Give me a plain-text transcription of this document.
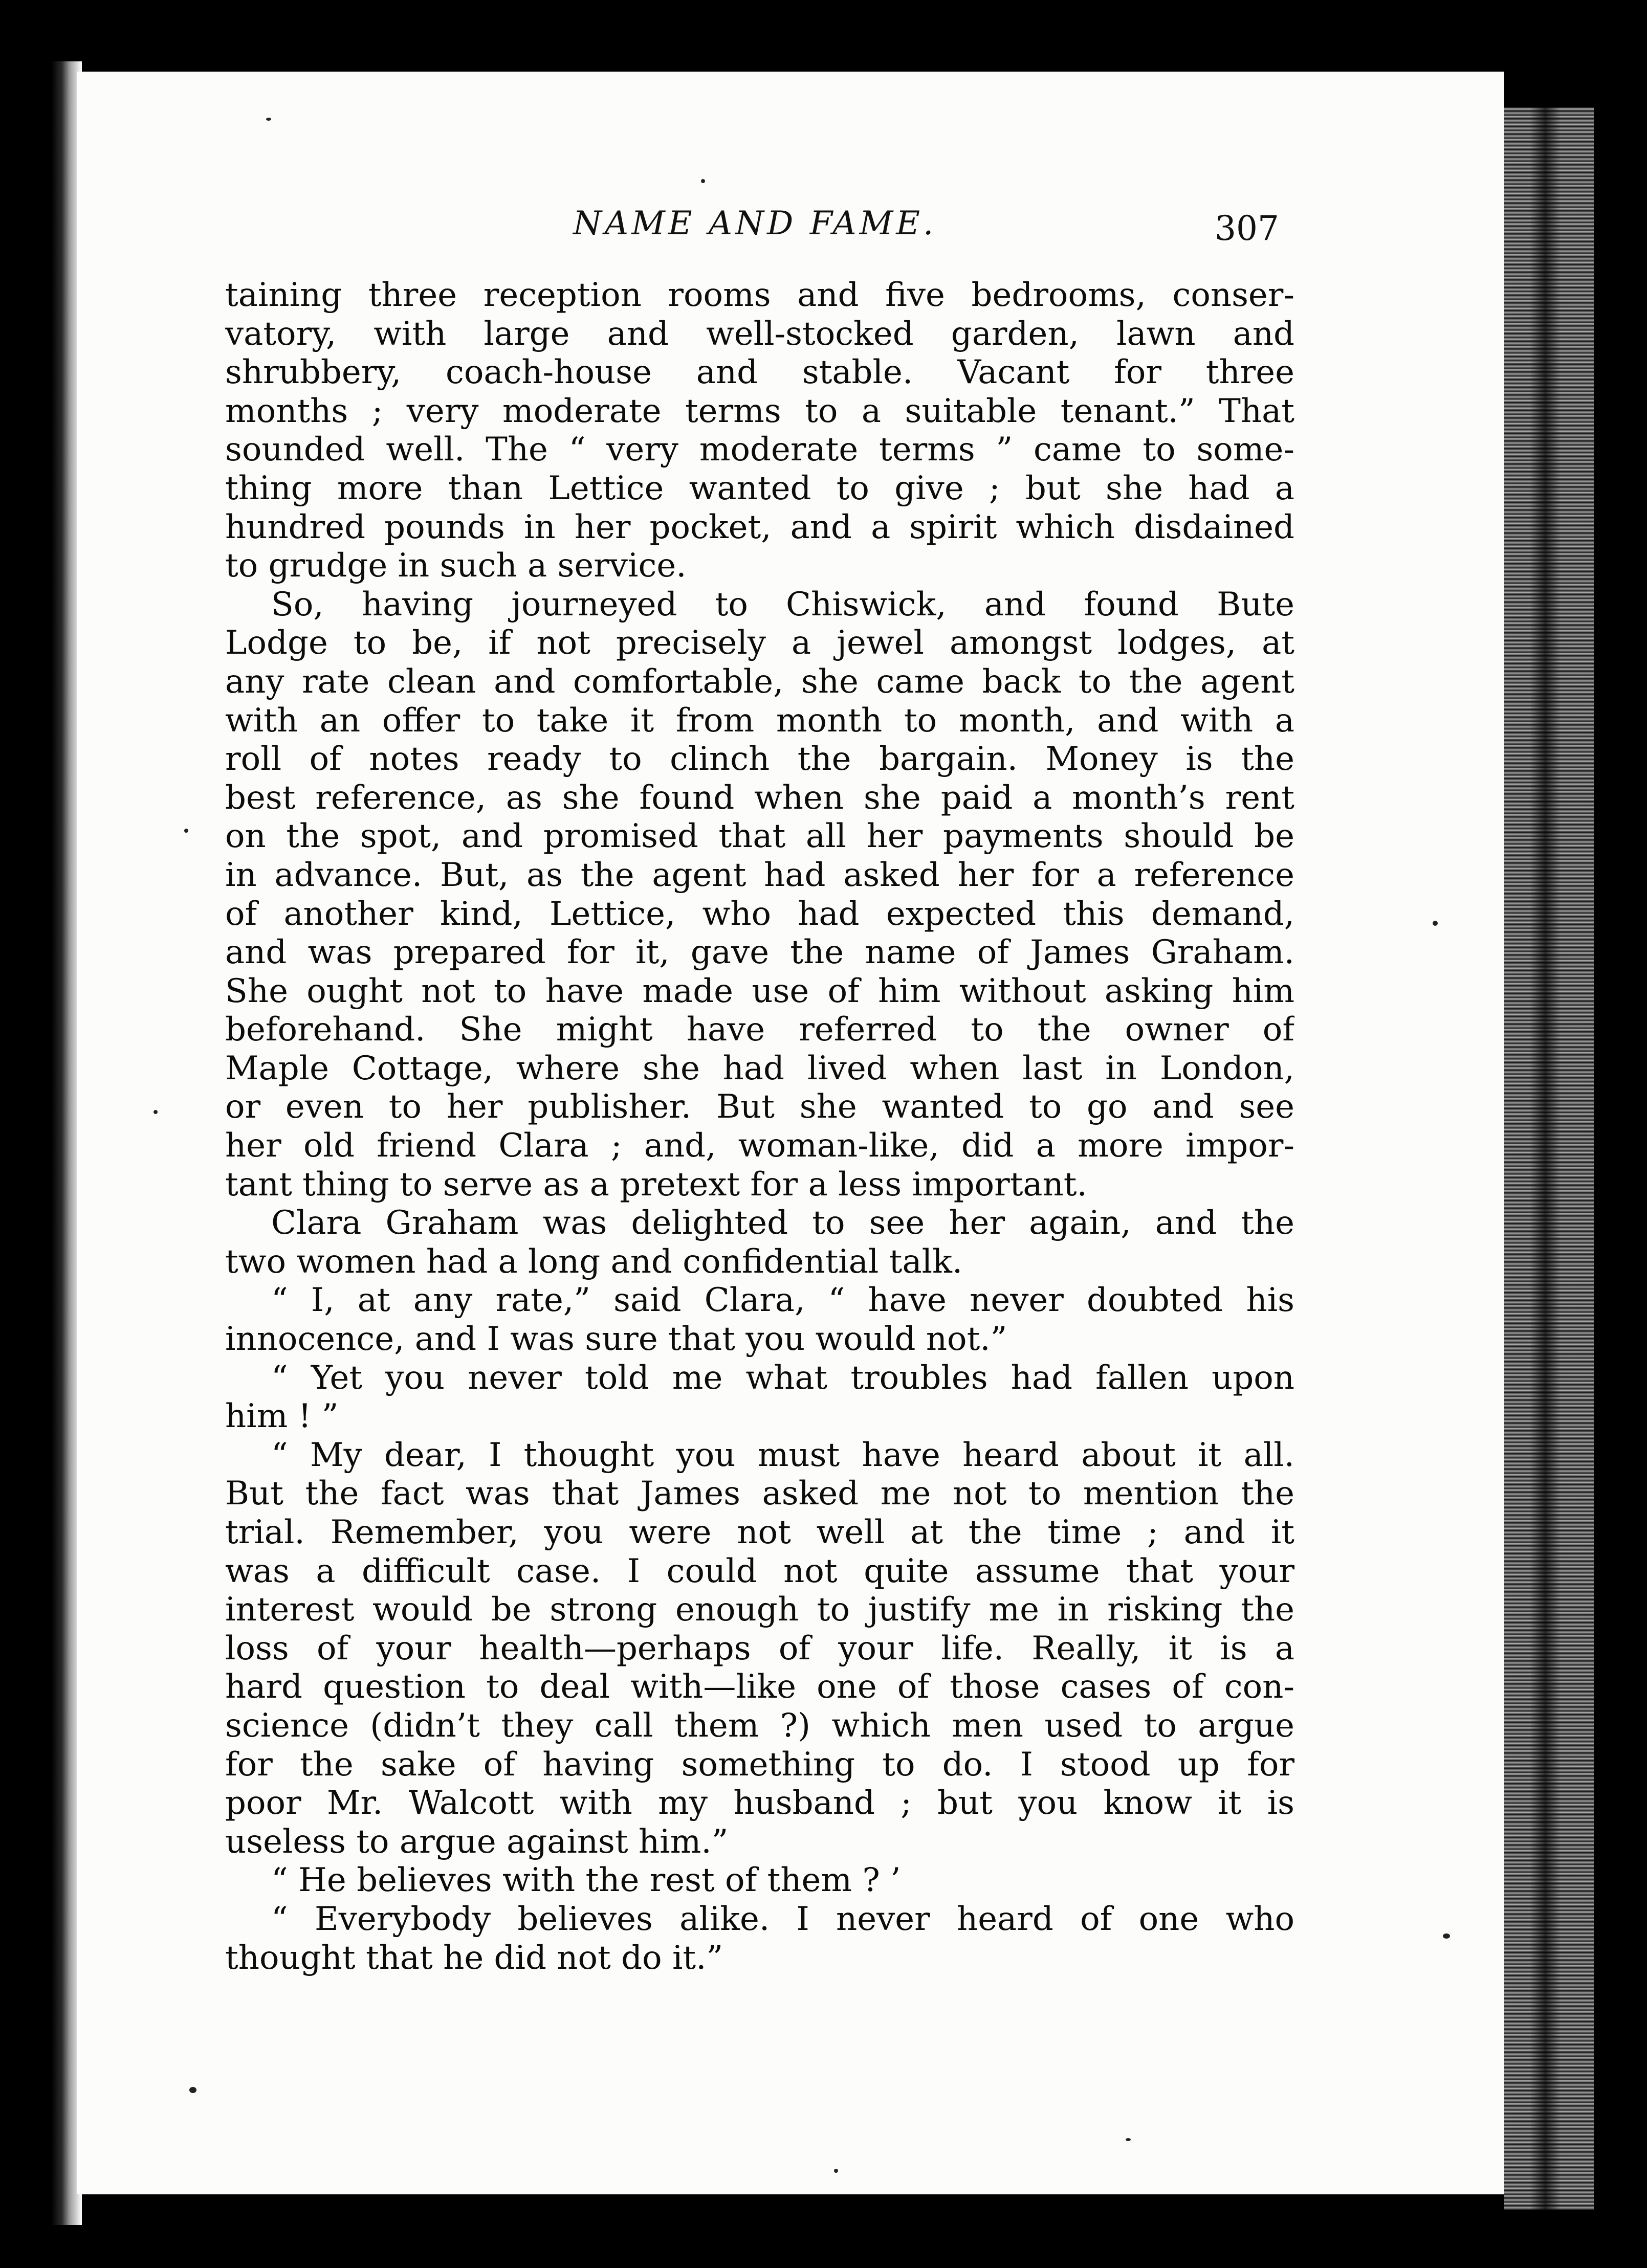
NAME AND FAME.	307
taining three reception rooms and five bedrooms, conser-
vatory, with large and well-stocked garden, lawn and
shrubbery, coach-house and stable. Vacant for three
months ; very moderate terms to a suitable tenant.” That
sounded well. The “ very moderate terms ” came to some-
thing more than Lettice wanted to give ; but she had a
hundred pounds in her pocket, and a spirit which disdained
to grudge in such a service.
So, having journeyed to Chiswick, and found Bute
Lodge to be, if not precisely a jewel amongst lodges, at
any rate clean and comfortable, she came back to the agent
with an offer to take it from month to month, and with a
roll of notes ready to clinch the bargain. Money is the
best reference, as she found when she paid a month’s rent
on the spot, and promised that all her payments should be
in advance. But, as the agent had asked her for a reference
of another kind, Lettice, who had expected this demand,
and was prepared for it, gave the name of James Graham.
She ought not to have made use of him without asking him
beforehand. She might have referred to the owner of
Maple Cottage, where she had lived when last in London,
or even to her publisher. But she wanted to go and see
her old friend Clara ; and, woman-like, did a more impor-
tant thing to serve as a pretext for a less important.
Clara Graham was delighted to see her again, and the
two women had a long and confidential talk.
“ I, at any rate,” said Clara, “ have never doubted his
innocence, and I was sure that you would not.”
“ Yet you never told me what troubles had fallen upon
him ! ”
“ My dear, I thought you must have heard about it all.
But the fact was that James asked me not to mention the
trial. Remember, you were not well at the time ; and it
was a difficult case. I could not quite assume that your
interest would be strong enough to justify me in risking the
loss of your health—perhaps of your life. Really, it is a
hard question to deal with—like one of those cases of con-
science (didn’t they call them ?) which men used to argue
for the sake of having something to do. I stood up for
poor Mr. Walcott with my husband ; but you know it is
useless to argue against him.”
“ He believes with the rest of them ? ’
“ Everybody believes alike. I never heard of one who
thought that he did not do it.”
